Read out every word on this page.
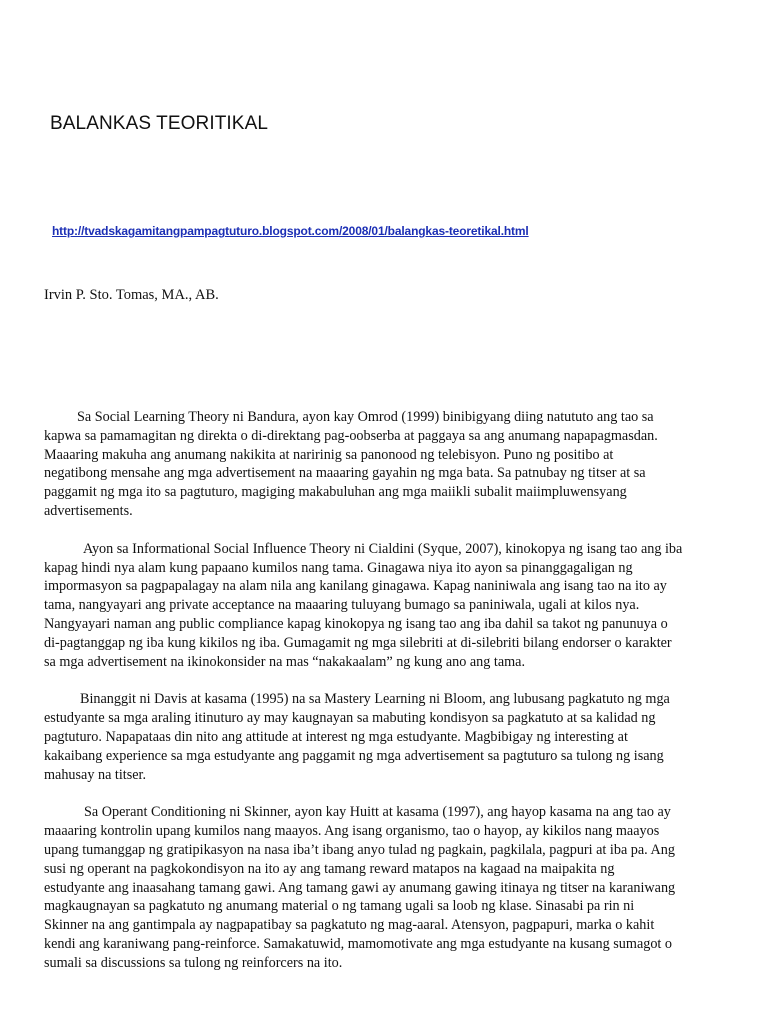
BALANKAS TEORITIKAL
http://tvadskagamitangpampagtuturo.blogspot.com/2008/01/balangkas-teoretikal.html
Irvin P. Sto. Tomas, MA., AB.
Sa Social Learning Theory ni Bandura, ayon kay Omrod (1999) binibigyang diing natututo ang tao sa
kapwa sa pamamagitan ng direkta o di-direktang pag-oobserba at paggaya sa ang anumang napapagmasdan.
Maaaring makuha ang anumang nakikita at naririnig sa panonood ng telebisyon. Puno ng positibo at
negatibong mensahe ang mga advertisement na maaaring gayahin ng mga bata. Sa patnubay ng titser at sa
paggamit ng mga ito sa pagtuturo, magiging makabuluhan ang mga maiikli subalit maiimpluwensyang
advertisements.
Ayon sa Informational Social Influence Theory ni Cialdini (Syque, 2007), kinokopya ng isang tao ang iba
kapag hindi nya alam kung papaano kumilos nang tama. Ginagawa niya ito ayon sa pinanggagaligan ng
impormasyon sa pagpapalagay na alam nila ang kanilang ginagawa. Kapag naniniwala ang isang tao na ito ay
tama, nangyayari ang private acceptance na maaaring tuluyang bumago sa paniniwala, ugali at kilos nya.
Nangyayari naman ang public compliance kapag kinokopya ng isang tao ang iba dahil sa takot ng panunuya o
di-pagtanggap ng iba kung kikilos ng iba. Gumagamit ng mga silebriti at di-silebriti bilang endorser o karakter
sa mga advertisement na ikinokonsider na mas “nakakaalam” ng kung ano ang tama.
Binanggit ni Davis at kasama (1995) na sa Mastery Learning ni Bloom, ang lubusang pagkatuto ng mga
estudyante sa mga araling itinuturo ay may kaugnayan sa mabuting kondisyon sa pagkatuto at sa kalidad ng
pagtuturo. Napapataas din nito ang attitude at interest ng mga estudyante. Magbibigay ng interesting at
kakaibang experience sa mga estudyante ang paggamit ng mga advertisement sa pagtuturo sa tulong ng isang
mahusay na titser.
Sa Operant Conditioning ni Skinner, ayon kay Huitt at kasama (1997), ang hayop kasama na ang tao ay
maaaring kontrolin upang kumilos nang maayos. Ang isang organismo, tao o hayop, ay kikilos nang maayos
upang tumanggap ng gratipikasyon na nasa iba’t ibang anyo tulad ng pagkain, pagkilala, pagpuri at iba pa. Ang
susi ng operant na pagkokondisyon na ito ay ang tamang reward matapos na kagaad na maipakita ng
estudyante ang inaasahang tamang gawi. Ang tamang gawi ay anumang gawing itinaya ng titser na karaniwang
magkaugnayan sa pagkatuto ng anumang material o ng tamang ugali sa loob ng klase. Sinasabi pa rin ni
Skinner na ang gantimpala ay nagpapatibay sa pagkatuto ng mag-aaral. Atensyon, pagpapuri, marka o kahit
kendi ang karaniwang pang-reinforce. Samakatuwid, mamomotivate ang mga estudyante na kusang sumagot o
sumali sa discussions sa tulong ng reinforcers na ito.
